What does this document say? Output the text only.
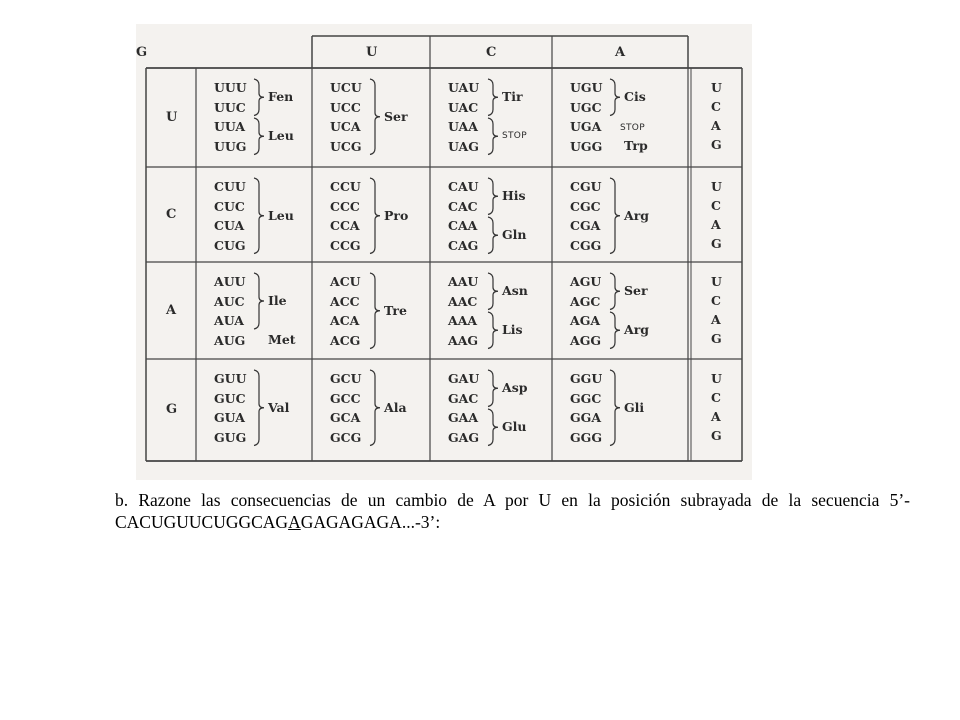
U	C	A
G
U
U
C
A
G
C
U
C
A
G
A
U
C
A
G
G
U
C
A
G
UUU
UUC
UUA
UUG
Fen
Leu
UCU
UCC
UCA
UCG
Ser
UAU
UAC
UAA
UAG
Tir
STOP
UGU
UGC
UGA
UGG
Cis
STOP
Trp
CUU
CUC
CUA
CUG
Leu
CCU
CCC
CCA
CCG
Pro
CAU
CAC
CAA
CAG
His
Gln
CGU
CGC
CGA
CGG
Arg
AUU
AUC
AUA
AUG
Ile
Met
ACU
ACC
ACA
ACG
Tre
AAU
AAC
AAA
AAG
Asn
Lis
AGU
AGC
AGA
AGG
Ser
Arg
GUU
GUC
GUA
GUG
Val
GCU
GCC
GCA
GCG
Ala
GAU
GAC
GAA
GAG
Asp
Glu
GGU
GGC
GGA
GGG
Gli
b. Razone las consecuencias de un cambio de A por U en la posición subrayada de la secuencia 5’-CACUGUUCUGGCAGAGAGAGAGA...-3’:
